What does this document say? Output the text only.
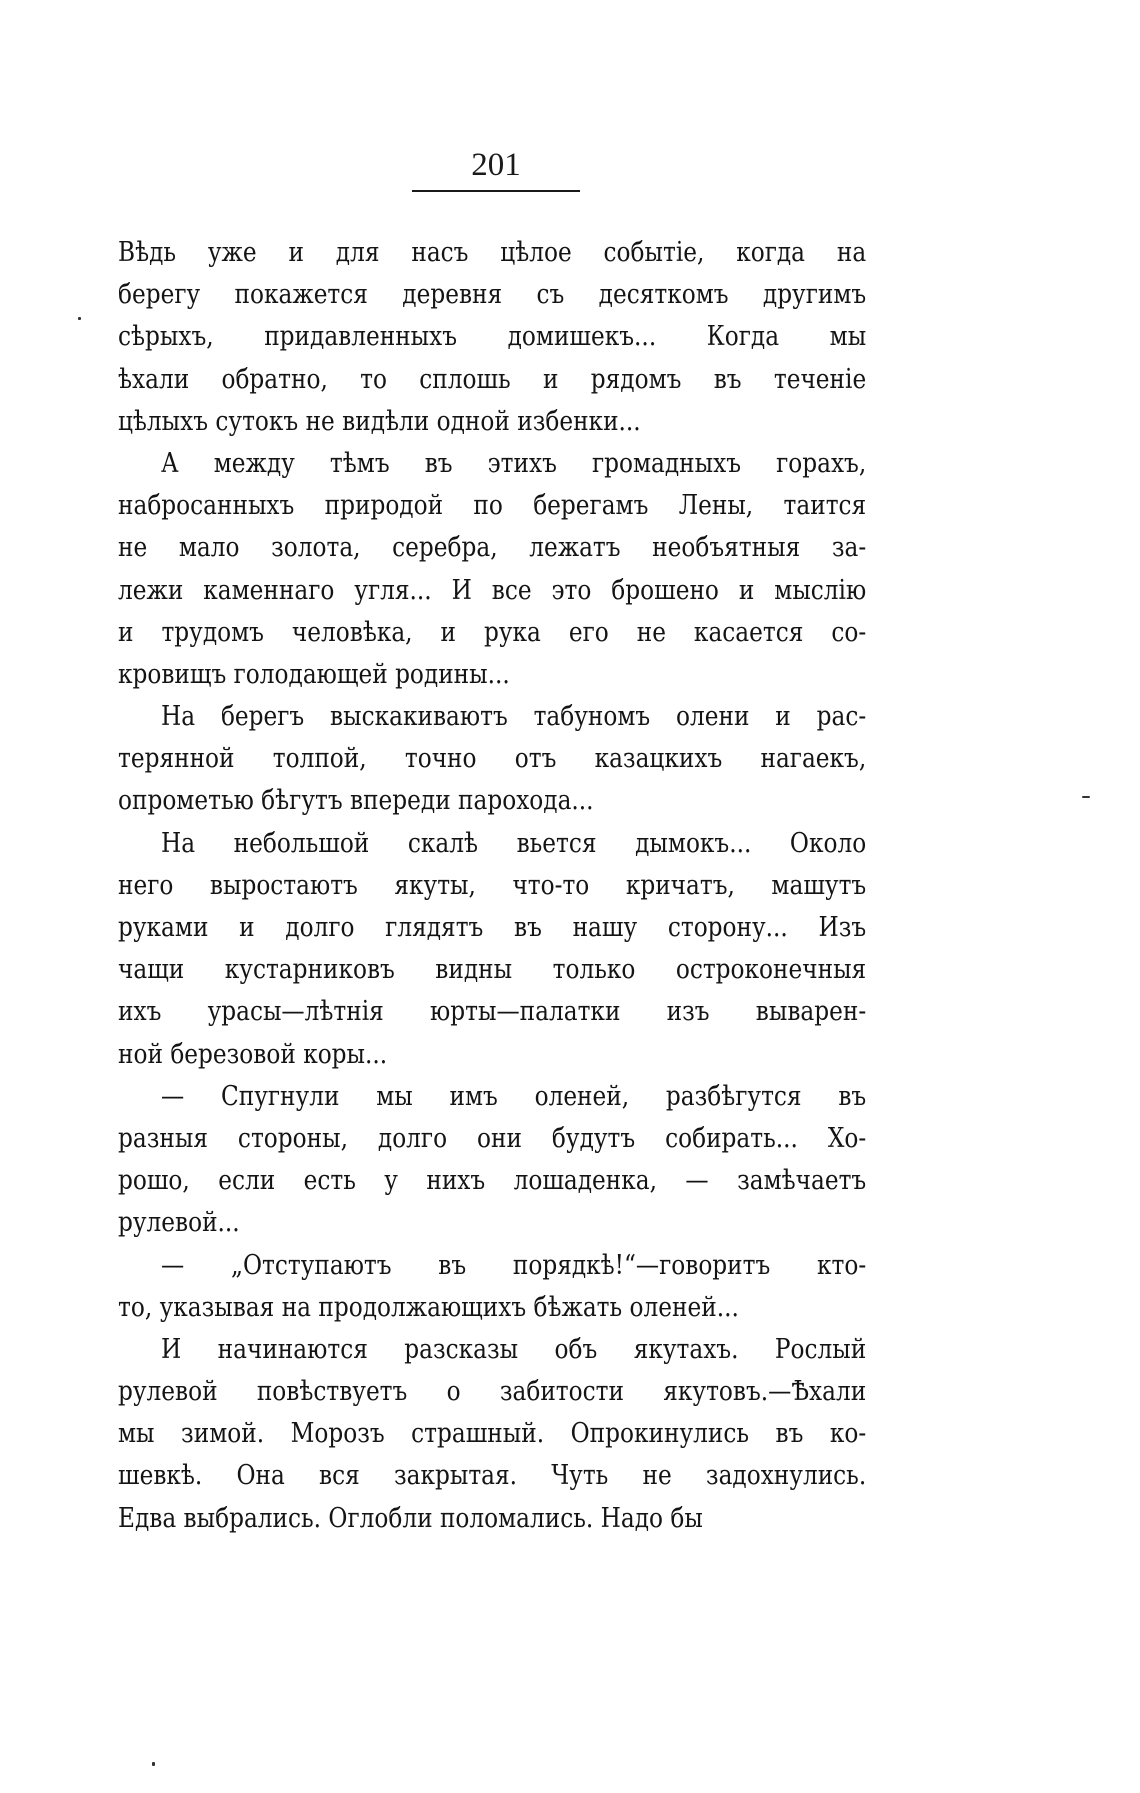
201
Вѣдь уже и для насъ цѣлое событіе, когда на
берегу покажется деревня съ десяткомъ другимъ
сѣрыхъ, придавленныхъ домишекъ... Когда мы
ѣхали обратно, то сплошь и рядомъ въ теченіе
цѣлыхъ сутокъ не видѣли одной избенки...
А между тѣмъ въ этихъ громадныхъ горахъ,
набросанныхъ природой по берегамъ Лены, таится
не мало золота, серебра, лежатъ необъятныя за-
лежи каменнаго угля... И все это брошено и мыслію
и трудомъ человѣка, и рука его не касается со-
кровищъ голодающей родины...
На берегъ выскакиваютъ табуномъ олени и рас-
терянной толпой, точно отъ казацкихъ нагаекъ,
опрометью бѣгутъ впереди парохода...
На небольшой скалѣ вьется дымокъ... Около
него выростаютъ якуты, что-то кричатъ, машутъ
руками и долго глядятъ въ нашу сторону... Изъ
чащи кустарниковъ видны только остроконечныя
ихъ урасы—лѣтнія юрты—палатки изъ выварен-
ной березовой коры...
— Спугнули мы имъ оленей, разбѣгутся въ
разныя стороны, долго они будутъ собирать... Хо-
рошо, если есть у нихъ лошаденка, — замѣчаетъ
рулевой...
— „Отступаютъ въ порядкѣ!“—говоритъ кто-
то, указывая на продолжающихъ бѣжать оленей...
И начинаются разсказы объ якутахъ. Рослый
рулевой повѣствуетъ о забитости якутовъ.—Ѣхали
мы зимой. Морозъ страшный. Опрокинулись въ ко-
шевкѣ. Она вся закрытая. Чуть не задохнулись.
Едва выбрались. Оглобли поломались. Надо бы
